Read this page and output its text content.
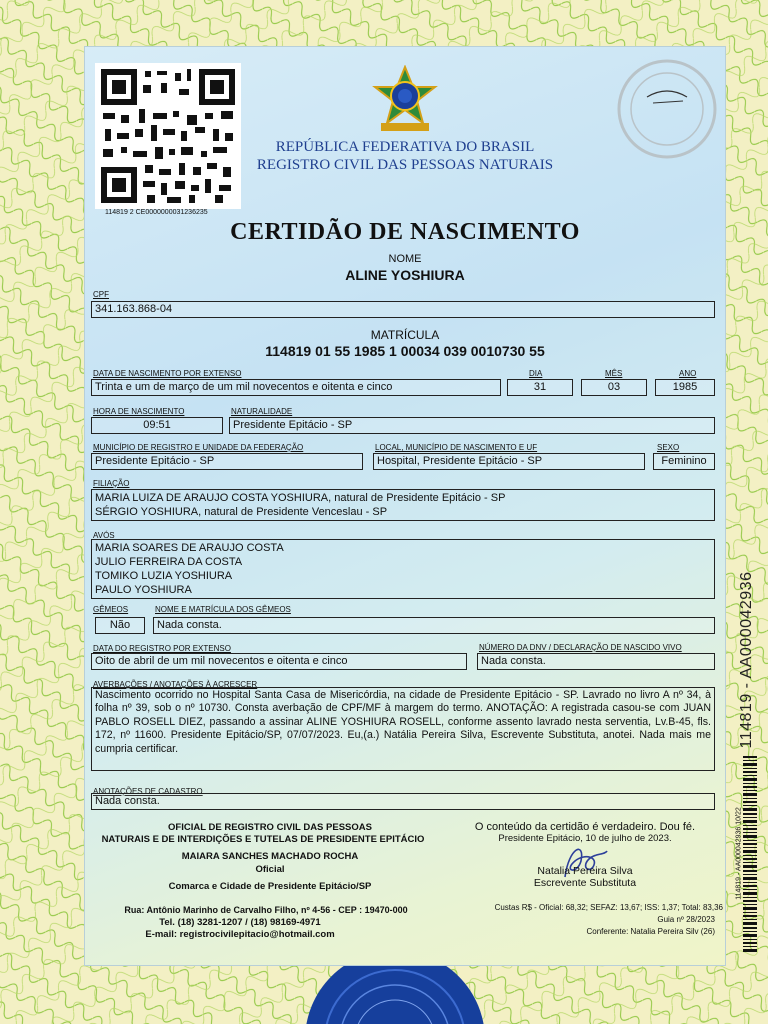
114819 2 CE0000000031236235
REPÚBLICA FEDERATIVA DO BRASIL
REGISTRO CIVIL DAS PESSOAS NATURAIS
CERTIDÃO DE NASCIMENTO
NOME
ALINE YOSHIURA
CPF
341.163.868-04
MATRÍCULA
114819 01 55 1985 1 00034 039 0010730 55
DATA DE NASCIMENTO POR EXTENSO
Trinta e um de março de um mil novecentos e oitenta e cinco
DIA
31
MÊS
03
ANO
1985
HORA DE NASCIMENTO
09:51
NATURALIDADE
Presidente Epitácio - SP
MUNICÍPIO DE REGISTRO E UNIDADE DA FEDERAÇÃO
Presidente Epitácio - SP
LOCAL, MUNICÍPIO DE NASCIMENTO E UF
Hospital, Presidente Epitácio - SP
SEXO
Feminino
FILIAÇÃO
MARIA LUIZA DE ARAUJO COSTA YOSHIURA, natural de Presidente Epitácio - SP
SÉRGIO YOSHIURA, natural de Presidente Venceslau - SP
AVÓS
MARIA SOARES DE ARAUJO COSTA
JULIO FERREIRA DA COSTA
TOMIKO LUZIA YOSHIURA
PAULO YOSHIURA
GÊMEOS
Não
NOME E MATRÍCULA DOS GÊMEOS
Nada consta.
DATA DO REGISTRO POR EXTENSO
Oito de abril de um mil novecentos e oitenta e cinco
NÚMERO DA DNV / DECLARAÇÃO DE NASCIDO VIVO
Nada consta.
AVERBAÇÕES / ANOTAÇÕES À ACRESCER
Nascimento ocorrido no Hospital Santa Casa de Misericórdia, na cidade de Presidente Epitácio - SP. Lavrado no livro A nº 34, à folha nº 39, sob o nº 10730. Consta averbação de CPF/MF à margem do termo. ANOTAÇÃO: A registrada casou-se com JUAN PABLO ROSELL DIEZ, passando a assinar ALINE YOSHIURA ROSELL, conforme assento lavrado nesta serventia, Lv.B-45, fls. 172, nº 11600. Presidente Epitácio/SP, 07/07/2023. Eu,(a.) Natália Pereira Silva, Escrevente Substituta, anotei. Nada mais me cumpria certificar.
ANOTAÇÕES DE CADASTRO
Nada consta.
OFICIAL DE REGISTRO CIVIL DAS PESSOAS
NATURAIS E DE INTERDIÇÕES E TUTELAS DE PRESIDENTE EPITÁCIO
MAIARA SANCHES MACHADO ROCHA
Oficial
Comarca e Cidade de Presidente Epitácio/SP
Rua: Antônio Marinho de Carvalho Filho, nº 4-56 - CEP : 19470-000
Tel. (18) 3281-1207 / (18) 98169-4971
E-mail: registrocivilepitacio@hotmail.com
O conteúdo da certidão é verdadeiro. Dou fé.
Presidente Epitácio, 10 de julho de 2023.
Natalia Pereira Silva
Escrevente Substituta
Custas R$ - Oficial: 68,32; SEFAZ: 13,67; ISS: 1,37; Total: 83,36
Guia nº 28/2023
Conferente: Natalia Pereira Silv (26)
114819 - AA000042936
114819 - AA000042936 10/22
